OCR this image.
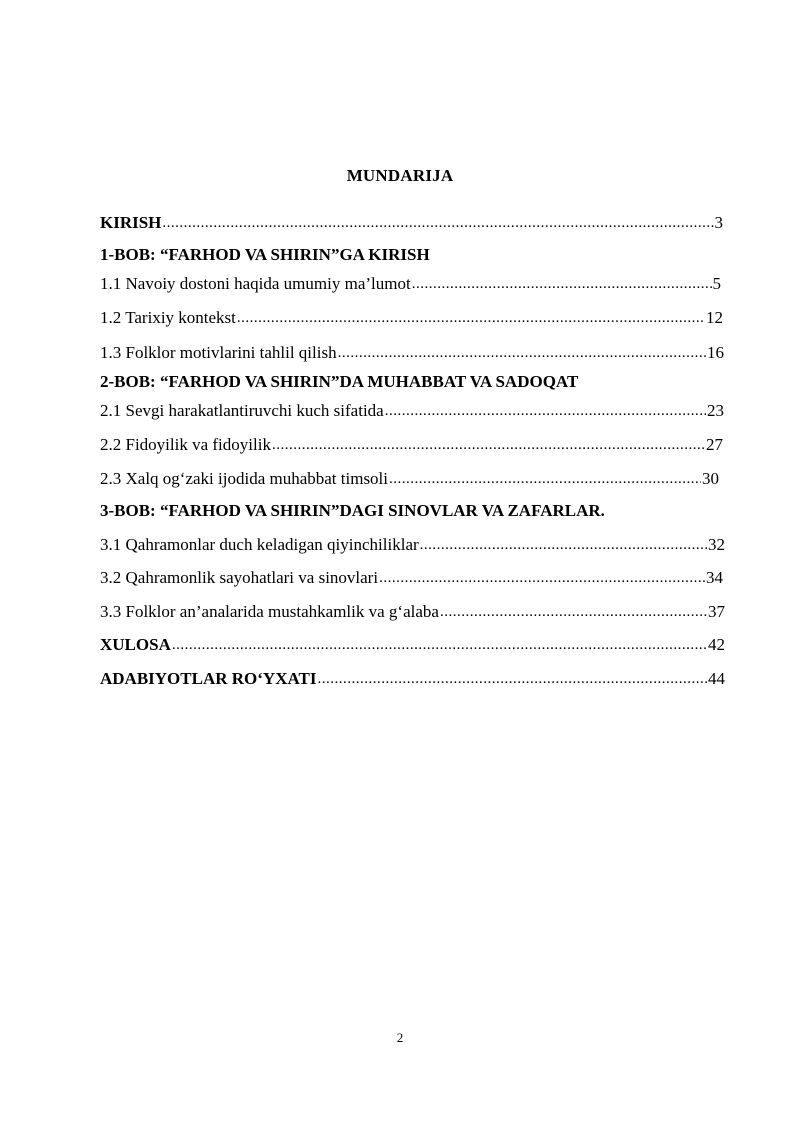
MUNDARIJA
KIRISH .....	3
1-BOB: “FARHOD VA SHIRIN”GA KIRISH
1.1 Navoiy dostoni haqida umumiy ma’lumot .....	5
1.2 Tarixiy kontekst .....	12
1.3 Folklor motivlarini tahlil qilish .....	16
2-BOB: “FARHOD VA SHIRIN”DA MUHABBAT VA SADOQAT
2.1 Sevgi harakatlantiruvchi kuch sifatida .....	23
2.2 Fidoyilik va fidoyilik .....	27
2.3 Xalq og‘zaki ijodida muhabbat timsoli .....	30
3-BOB: “FARHOD VA SHIRIN”DAGI SINOVLAR VA ZAFARLAR.
3.1 Qahramonlar duch keladigan qiyinchiliklar .....	32
3.2 Qahramonlik sayohatlari va sinovlari .....	34
3.3 Folklor an’analarida mustahkamlik va g‘alaba .....	37
XULOSA .....	42
ADABIYOTLAR RO‘YXATI .....	44
2
